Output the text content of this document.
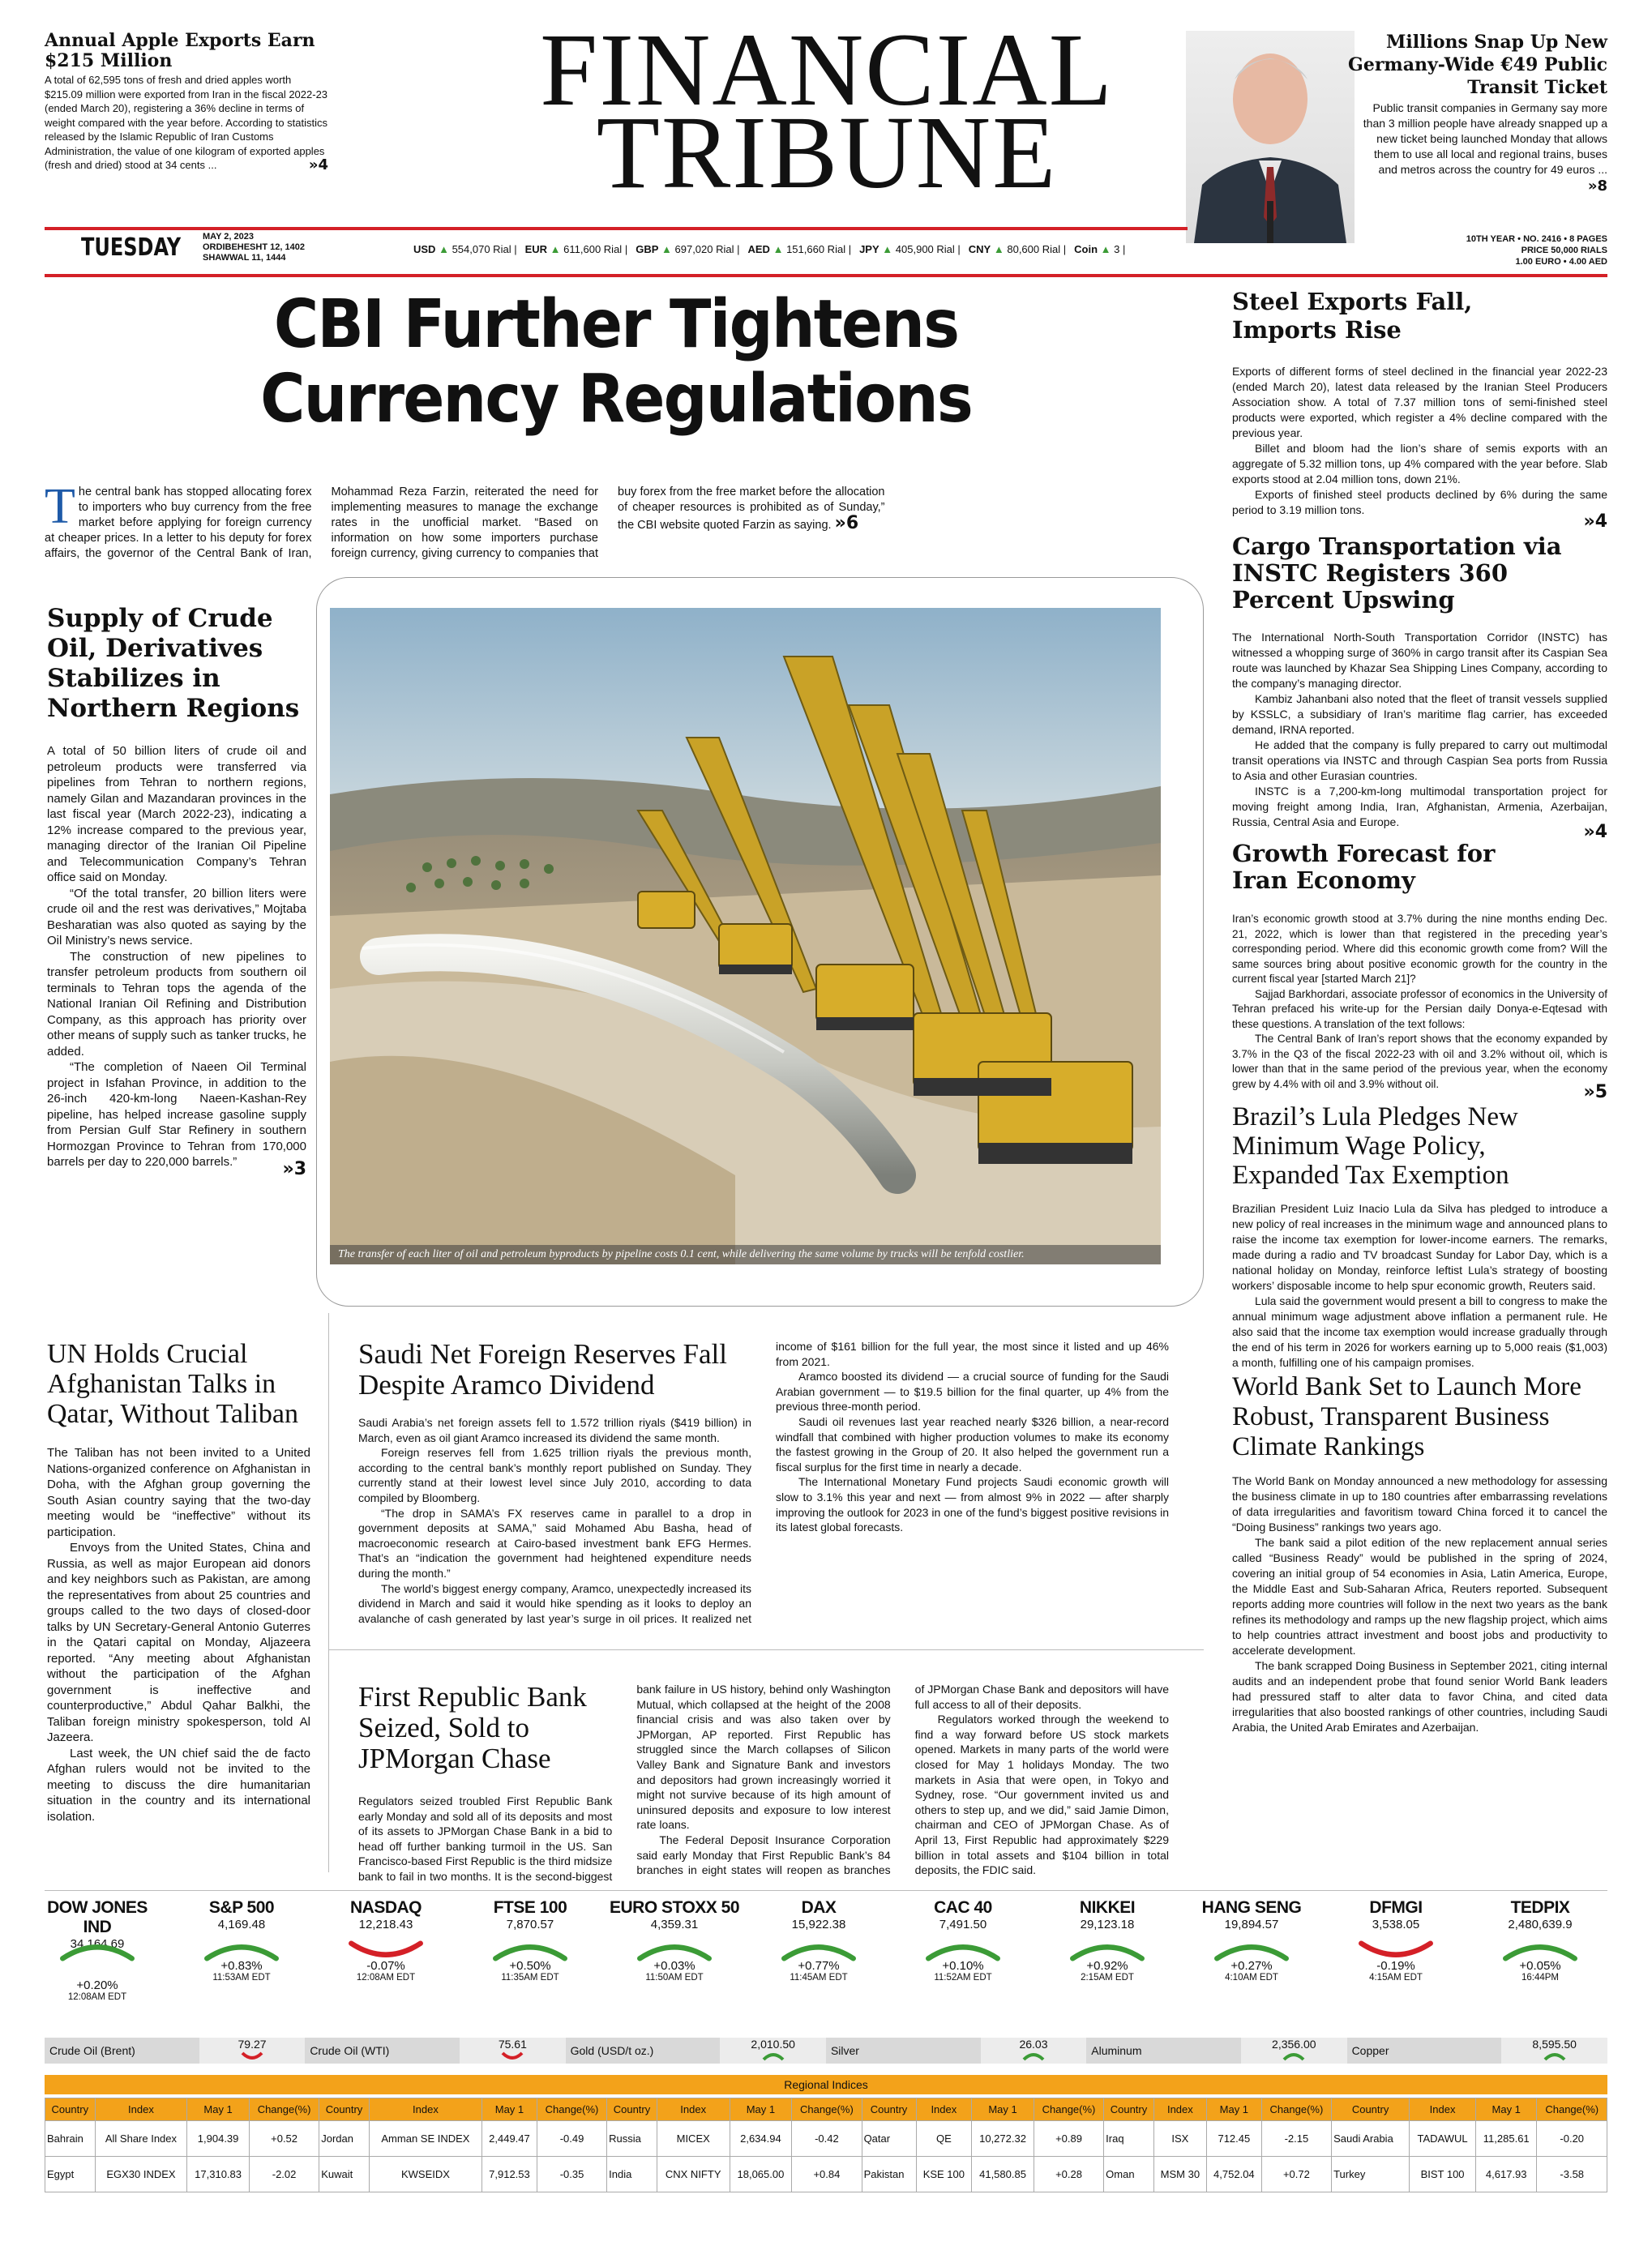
Annual Apple Exports Earn $215 Million
A total of 62,595 tons of fresh and dried apples worth $215.09 million were exported from Iran in the fiscal 2022-23 (ended March 20), registering a 36% decline in terms of weight compared with the year before. According to statistics released by the Islamic Republic of Iran Customs Administration, the value of one kilogram of exported apples (fresh and dried) stood at 34 cents ...	»4
FINANCIAL
TRIBUNE
Millions Snap Up New Germany-Wide €49 Public Transit Ticket
Public transit companies in Germany say more than 3 million people have already snapped up a new ticket being launched Monday that allows them to use all local and regional trains, buses and metros across the country for 49 euros ...
»8
TUESDAY MAY 2, 2023
ORDIBEHESHT 12, 1402
SHAWWAL 11, 1444
USD ▲ 554,070 Rial | EUR ▲ 611,600 Rial | GBP ▲ 697,020 Rial | AED ▲ 151,660 Rial | JPY ▲ 405,900 Rial | CNY ▲ 80,600 Rial | Coin ▲ 3 |
10TH YEAR • NO. 2416 • 8 PAGES
PRICE 50,000 RIALS
1.00 EURO • 4.00 AED
CBI Further Tightens
Currency Regulations
The central bank has stopped allocating forex to importers who buy currency from the free market before applying for foreign currency at cheaper prices. In a letter to his deputy for forex affairs, the governor of the Central Bank of Iran, Mohammad Reza Farzin, reiterated the need for implementing measures to manage the exchange rates in the unofficial market. “Based on information on how some importers purchase foreign currency, giving currency to companies that buy forex from the free market before the allocation of cheaper resources is prohibited as of Sunday,” the CBI website quoted Farzin as saying. »6
Steel Exports Fall, Imports Rise

Exports of different forms of steel declined in the financial year 2022-23 (ended March 20), latest data released by the Iranian Steel Producers Association show. A total of 7.37 million tons of semi-finished steel products were exported, which register a 4% decline compared with the previous year.

Billet and bloom had the lion’s share of semis exports with an aggregate of 5.32 million tons, up 4% compared with the year before. Slab exports stood at 2.04 million tons, down 21%.

Exports of finished steel products declined by 6% during the same period to 3.19 million tons.

»4
Cargo Transportation via INSTC Registers 360 Percent Upswing

The International North-South Transportation Corridor (INSTC) has witnessed a whopping surge of 360% in cargo transit after its Caspian Sea route was launched by Khazar Sea Shipping Lines Company, according to the company’s managing director.

Kambiz Jahanbani also noted that the fleet of transit vessels supplied by KSSLC, a subsidiary of Iran’s maritime flag carrier, has exceeded demand, IRNA reported.

He added that the company is fully prepared to carry out multimodal transit operations via INSTC and through Caspian Sea ports from Russia to Asia and other Eurasian countries.

INSTC is a 7,200-km-long multimodal transportation project for moving freight among India, Iran, Afghanistan, Armenia, Azerbaijan, Russia, Central Asia and Europe.	»4
Growth Forecast for Iran Economy

Iran’s economic growth stood at 3.7% during the nine months ending Dec. 21, 2022, which is lower than that registered in the preceding year’s corresponding period. Where did this economic growth come from? Will the same sources bring about positive economic growth for the country in the current fiscal year [started March 21]?

Sajjad Barkhordari, associate professor of economics in the University of Tehran prefaced his write-up for the Persian daily Donya-e-Eqtesad with these questions. A translation of the text follows:

The Central Bank of Iran’s report shows that the economy expanded by 3.7% in the Q3 of the fiscal 2022-23 with oil and 3.2% without oil, which is lower than that in the same period of the previous year, when the economy grew by 4.4% with oil and 3.9% without oil.	»5
Brazil’s Lula Pledges New Minimum Wage Policy, Expanded Tax Exemption

Brazilian President Luiz Inacio Lula da Silva has pledged to introduce a new policy of real increases in the minimum wage and announced plans to raise the income tax exemption for lower-income earners. The remarks, made during a radio and TV broadcast Sunday for Labor Day, which is a national holiday on Monday, reinforce leftist Lula’s strategy of boosting workers’ disposable income to help spur economic growth, Reuters said.

Lula said the government would present a bill to congress to make the annual minimum wage adjustment above inflation a permanent rule. He also said that the income tax exemption would increase gradually through the end of his term in 2026 for workers earning up to 5,000 reais ($1,003) a month, fulfilling one of his campaign promises.

World Bank Set to Launch More Robust, Transparent Business Climate Rankings

The World Bank on Monday announced a new methodology for assessing the business climate in up to 180 countries after embarrassing revelations of data irregularities and favoritism toward China forced it to cancel the “Doing Business” rankings two years ago.

The bank said a pilot edition of the new replacement annual series called “Business Ready” would be published in the spring of 2024, covering an initial group of 54 economies in Asia, Latin America, Europe, the Middle East and Sub-Saharan Africa, Reuters reported. Subsequent reports adding more countries will follow in the next two years as the bank refines its methodology and ramps up the new flagship project, which aims to help countries attract investment and boost jobs and productivity to accelerate development.

The bank scrapped Doing Business in September 2021, citing internal audits and an independent probe that found senior World Bank leaders had pressured staff to alter data to favor China, and cited data irregularities that also boosted rankings of other countries, including Saudi Arabia, the United Arab Emirates and Azerbaijan.

Supply of Crude Oil, Derivatives Stabilizes in Northern Regions

A total of 50 billion liters of crude oil and petroleum products were transferred via pipelines from Tehran to northern regions, namely Gilan and Mazandaran provinces in the last fiscal year (March 2022-23), indicating a 12% increase compared to the previous year, managing director of the Iranian Oil Pipeline and Telecommunication Company’s Tehran office said on Monday.

“Of the total transfer, 20 billion liters were crude oil and the rest was derivatives,” Mojtaba Besharatian was also quoted as saying by the Oil Ministry’s news service.

The construction of new pipelines to transfer petroleum products from southern oil terminals to Tehran tops the agenda of the National Iranian Oil Refining and Distribution Company, as this approach has priority over other means of supply such as tanker trucks, he added.

“The completion of Naeen Oil Terminal project in Isfahan Province, in addition to the 26-inch 420-km-long Naeen-Kashan-Rey pipeline, has helped increase gasoline supply from Persian Gulf Star Refinery in southern Hormozgan Province to Tehran from 170,000 barrels per day to 220,000 barrels.”	»3
The transfer of each liter of oil and petroleum byproducts by pipeline costs 0.1 cent, while delivering the same volume by trucks will be tenfold costlier.
UN Holds Crucial Afghanistan Talks in Qatar, Without Taliban

The Taliban has not been invited to a United Nations-organized conference on Afghanistan in Doha, with the Afghan group governing the South Asian country saying that the two-day meeting would be “ineffective” without its participation.

Envoys from the United States, China and Russia, as well as major European aid donors and key neighbors such as Pakistan, are among the representatives from about 25 countries and groups called to the two days of closed-door talks by UN Secretary-General Antonio Guterres in the Qatari capital on Monday, Aljazeera reported. “Any meeting about Afghanistan without the participation of the Afghan government is ineffective and counterproductive,” Abdul Qahar Balkhi, the Taliban foreign ministry spokesperson, told Al Jazeera.

Last week, the UN chief said the de facto Afghan rulers would not be invited to the meeting to discuss the dire humanitarian situation in the country and its international isolation.

Saudi Net Foreign Reserves Fall Despite Aramco Dividend

Saudi Arabia’s net foreign assets fell to 1.572 trillion riyals ($419 billion) in March, even as oil giant Aramco increased its dividend the same month.

Foreign reserves fell from 1.625 trillion riyals the previous month, according to the central bank’s monthly report published on Sunday. They currently stand at their lowest level since July 2010, according to data compiled by Bloomberg.

“The drop in SAMA’s FX reserves came in parallel to a drop in government deposits at SAMA,” said Mohamed Abu Basha, head of macroeconomic research at Cairo-based investment bank EFG Hermes. That’s an “indication the government had heightened expenditure needs during the month.”

The world’s biggest energy company, Aramco, unexpectedly increased its dividend in March and said it would hike spending as it looks to deploy an avalanche of cash generated by last year’s surge in oil prices. It realized net income of $161 billion for the full year, the most since it listed and up 46% from 2021.

Aramco boosted its dividend — a crucial source of funding for the Saudi Arabian government — to $19.5 billion for the final quarter, up 4% from the previous three-month period.

Saudi oil revenues last year reached nearly $326 billion, a near-record windfall that combined with higher production volumes to make its economy the fastest growing in the Group of 20. It also helped the government run a fiscal surplus for the first time in nearly a decade.

The International Monetary Fund projects Saudi economic growth will slow to 3.1% this year and next — from almost 9% in 2022 — after sharply improving the outlook for 2023 in one of the fund’s biggest positive revisions in its latest global forecasts.

First Republic Bank Seized, Sold to JPMorgan Chase

Regulators seized troubled First Republic Bank early Monday and sold all of its deposits and most of its assets to JPMorgan Chase Bank in a bid to head off further banking turmoil in the US. San Francisco-based First Republic is the third midsize bank to fail in two months. It is the second-biggest bank failure in US history, behind only Washington Mutual, which collapsed at the height of the 2008 financial crisis and was also taken over by JPMorgan, AP reported. First Republic has struggled since the March collapses of Silicon Valley Bank and Signature Bank and investors and depositors had grown increasingly worried it might not survive because of its high amount of uninsured deposits and exposure to low interest rate loans.

The Federal Deposit Insurance Corporation said early Monday that First Republic Bank’s 84 branches in eight states will reopen as branches of JPMorgan Chase Bank and depositors will have full access to all of their deposits.

Regulators worked through the weekend to find a way forward before US stock markets opened. Markets in many parts of the world were closed for May 1 holidays Monday. The two markets in Asia that were open, in Tokyo and Sydney, rose. “Our government invited us and others to step up, and we did,” said Jamie Dimon, chairman and CEO of JPMorgan Chase. As of April 13, First Republic had approximately $229 billion in total assets and $104 billion in total deposits, the FDIC said.

DOW JONES IND
34,164.69
+0.20%
12:08AM EDT
S&P 500
4,169.48
+0.83%
11:53AM EDT
NASDAQ
12,218.43
-0.07%
12:08AM EDT
FTSE 100
7,870.57
+0.50%
11:35AM EDT
EURO STOXX 50
4,359.31
+0.03%
11:50AM EDT
DAX
15,922.38
+0.77%
11:45AM EDT
CAC 40
7,491.50
+0.10%
11:52AM EDT
NIKKEI
29,123.18
+0.92%
2:15AM EDT
HANG SENG
19,894.57
+0.27%
4:10AM EDT
DFMGI
3,538.05
-0.19%
4:15AM EDT
TEDPIX
2,480,639.9
+0.05%
16:44PM
Crude Oil (Brent)	79.27	Crude Oil (WTI)	75.61	Gold (USD/t oz.)	2,010.50	Silver	26.03	Aluminum	2,356.00	Copper	8,595.50
Regional Indices
Country	Index	May 1	Change(%)	Country	Index	May 1	Change(%)	Country	Index	May 1	Change(%)	Country	Index	May 1	Change(%)	Country	Index	May 1	Change(%)	Country	Index	May 1	Change(%)
Bahrain	All Share Index	1,904.39	+0.52	Jordan	Amman SE INDEX	2,449.47	-0.49	Russia	MICEX	2,634.94	-0.42	Qatar	QE	10,272.32	+0.89	Iraq	ISX	712.45	-2.15	Saudi Arabia	TADAWUL	11,285.61	-0.20
Egypt	EGX30 INDEX	17,310.83	-2.02	Kuwait	KWSEIDX	7,912.53	-0.35	India	CNX NIFTY	18,065.00	+0.84	Pakistan	KSE 100	41,580.85	+0.28	Oman	MSM 30	4,752.04	+0.72	Turkey	BIST 100	4,617.93	-3.58
